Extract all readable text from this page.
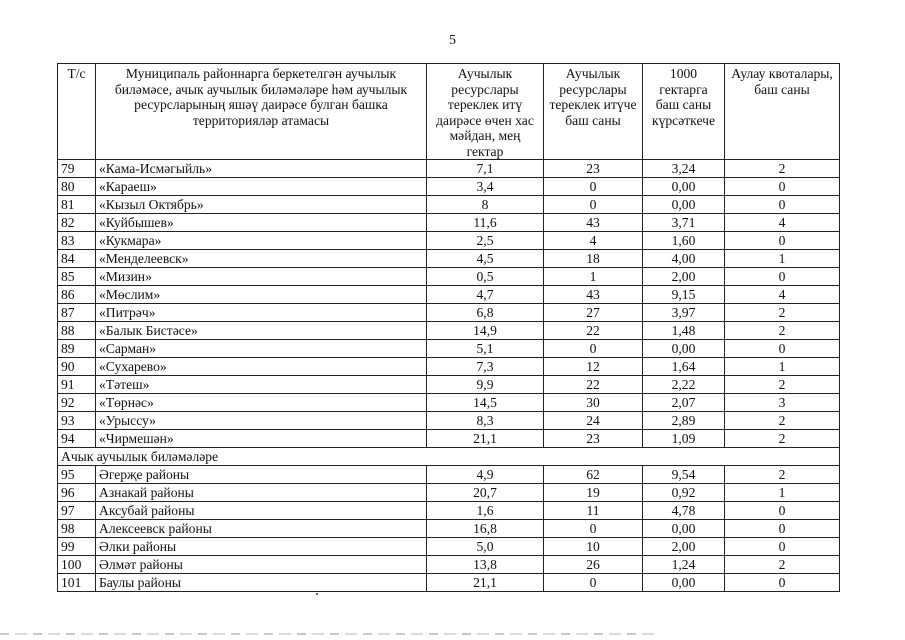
5
Т/с	Муниципаль районнарга беркетелгән аучылык биләмәсе, ачык аучылык биләмәләре һәм аучылык ресурсларының яшәү даирәсе булган башка территорияләр атамасы	Аучылык ресурслары тереклек итү даирәсе өчен хас мәйдан, мең гектар	Аучылык ресурслары тереклек итүче баш саны	1000 гектарга баш саны күрсәткече	Аулау квоталары, баш саны
79	«Кама-Исмәгыйль»	7,1	23	3,24	2
80	«Караеш»	3,4	0	0,00	0
81	«Кызыл Октябрь»	8	0	0,00	0
82	«Куйбышев»	11,6	43	3,71	4
83	«Кукмара»	2,5	4	1,60	0
84	«Менделеевск»	4,5	18	4,00	1
85	«Мизин»	0,5	1	2,00	0
86	«Мөслим»	4,7	43	9,15	4
87	«Питрәч»	6,8	27	3,97	2
88	«Балык Бистәсе»	14,9	22	1,48	2
89	«Сарман»	5,1	0	0,00	0
90	«Сухарево»	7,3	12	1,64	1
91	«Тәтеш»	9,9	22	2,22	2
92	«Төрнәс»	14,5	30	2,07	3
93	«Урыссу»	8,3	24	2,89	2
94	«Чирмешән»	21,1	23	1,09	2
Ачык аучылык биләмәләре					
95	Әгерҗе районы	4,9	62	9,54	2
96	Азнакай районы	20,7	19	0,92	1
97	Аксубай районы	1,6	11	4,78	0
98	Алексеевск районы	16,8	0	0,00	0
99	Әлки районы	5,0	10	2,00	0
100	Әлмәт районы	13,8	26	1,24	2
101	Баулы районы	21,1	0	0,00	0
